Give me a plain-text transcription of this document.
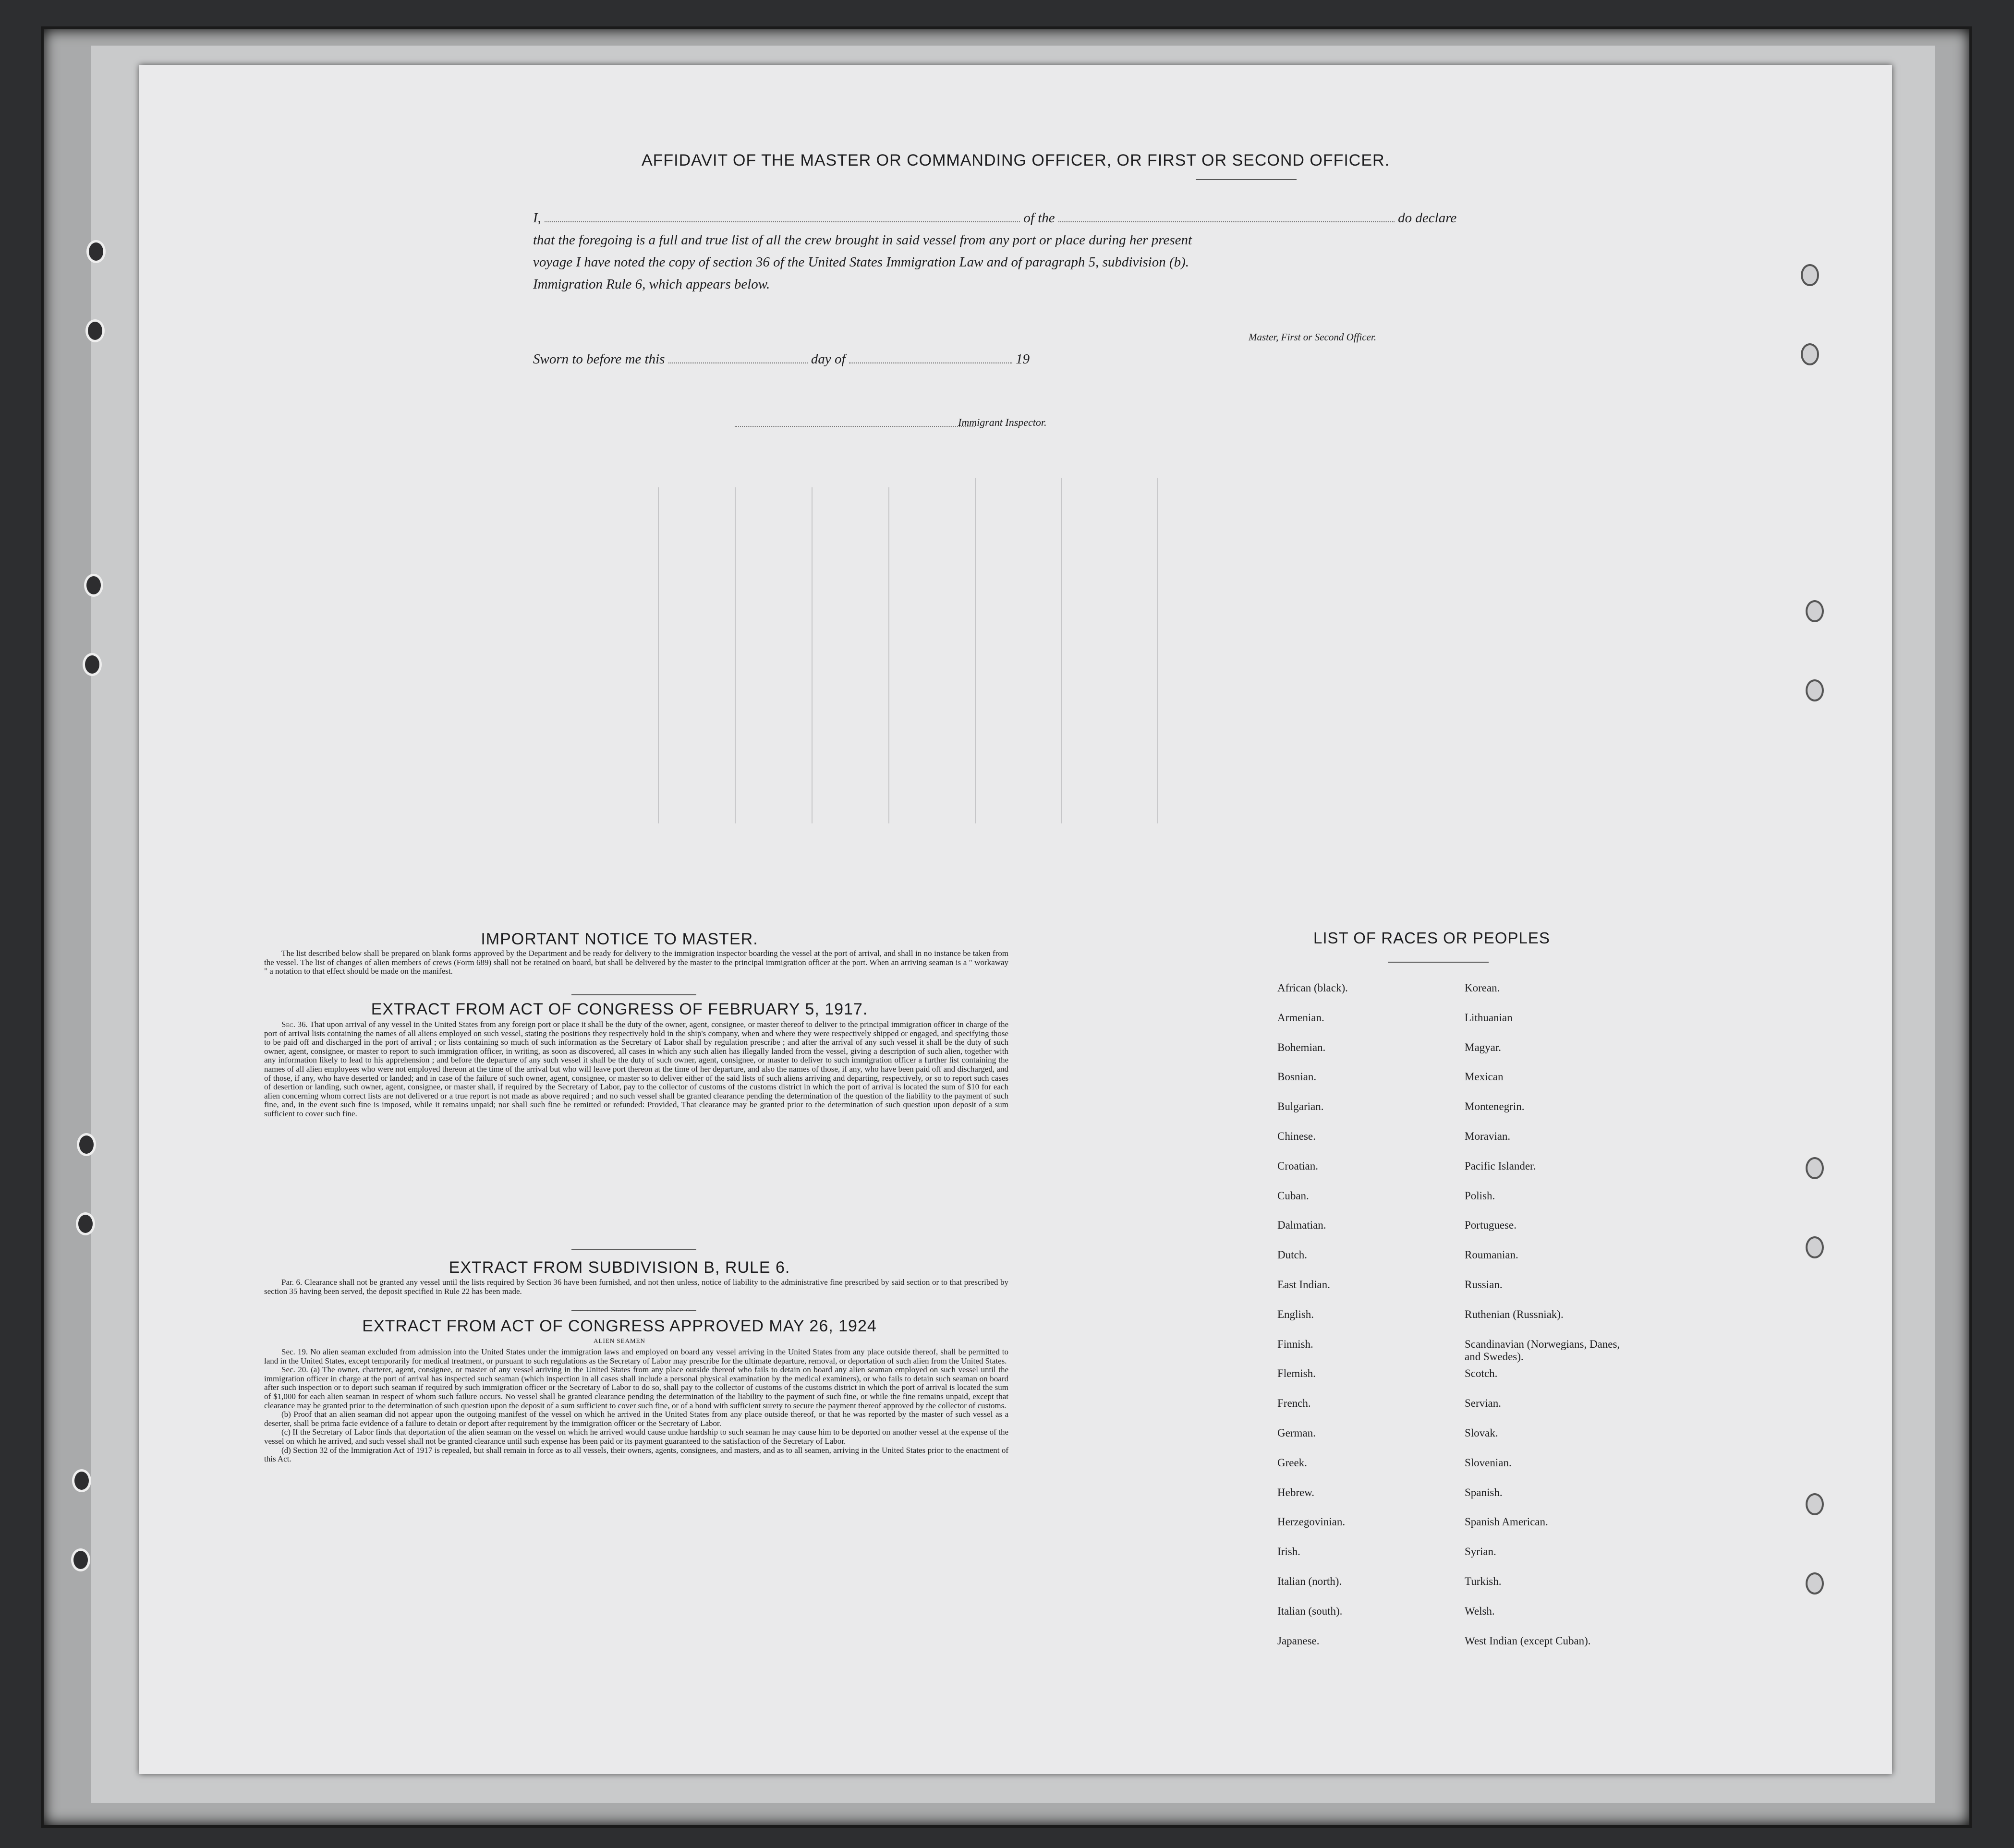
AFFIDAVIT OF THE MASTER OR COMMANDING OFFICER, OR FIRST OR SECOND OFFICER.
I,	of the	do declare
that the foregoing is a full and true list of all the crew brought in said vessel from any port or place during her present
voyage I have noted the copy of section 36 of the United States Immigration Law and of paragraph 5, subdivision (b).
Immigration Rule 6, which appears below.
Master, First or Second Officer.
Sworn to before me this	day of	19
Immigrant Inspector.
IMPORTANT NOTICE TO MASTER.

The list described below shall be prepared on blank forms approved by the Department and be ready for delivery to the immigration inspector boarding the vessel at the port of arrival, and shall in no instance be taken from the vessel. The list of changes of alien members of crews (Form 689) shall not be retained on board, but shall be delivered by the master to the principal immigration officer at the port. When an arriving seaman is a " workaway " a notation to that effect should be made on the manifest.

EXTRACT FROM ACT OF CONGRESS OF FEBRUARY 5, 1917.

Sec. 36. That upon arrival of any vessel in the United States from any foreign port or place it shall be the duty of the owner, agent, consignee, or master thereof to deliver to the principal immigration officer in charge of the port of arrival lists containing the names of all aliens employed on such vessel, stating the positions they respectively hold in the ship's company, when and where they were respectively shipped or engaged, and specifying those to be paid off and discharged in the port of arrival ; or lists containing so much of such information as the Secretary of Labor shall by regulation prescribe ; and after the arrival of any such vessel it shall be the duty of such owner, agent, consignee, or master to report to such immigration officer, in writing, as soon as discovered, all cases in which any such alien has illegally landed from the vessel, giving a description of such alien, together with any information likely to lead to his apprehension ; and before the departure of any such vessel it shall be the duty of such owner, agent, consignee, or master to deliver to such immigration officer a further list containing the names of all alien employees who were not employed thereon at the time of the arrival but who will leave port thereon at the time of her departure, and also the names of those, if any, who have been paid off and discharged, and of those, if any, who have deserted or landed; and in case of the failure of such owner, agent, consignee, or master so to deliver either of the said lists of such aliens arriving and departing, respectively, or so to report such cases of desertion or landing, such owner, agent, consignee, or master shall, if required by the Secretary of Labor, pay to the collector of customs of the customs district in which the port of arrival is located the sum of $10 for each alien concerning whom correct lists are not delivered or a true report is not made as above required ; and no such vessel shall be granted clearance pending the determination of the question of the liability to the payment of such fine, and, in the event such fine is imposed, while it remains unpaid; nor shall such fine be remitted or refunded: Provided, That clearance may be granted prior to the determination of such question upon deposit of a sum sufficient to cover such fine.

EXTRACT FROM SUBDIVISION B, RULE 6.

Par. 6. Clearance shall not be granted any vessel until the lists required by Section 36 have been furnished, and not then unless, notice of liability to the administrative fine prescribed by said section or to that prescribed by section 35 having been served, the deposit specified in Rule 22 has been made.

EXTRACT FROM ACT OF CONGRESS APPROVED MAY 26, 1924
ALIEN SEAMEN

Sec. 19. No alien seaman excluded from admission into the United States under the immigration laws and employed on board any vessel arriving in the United States from any place outside thereof, shall be permitted to land in the United States, except temporarily for medical treatment, or pursuant to such regulations as the Secretary of Labor may prescribe for the ultimate departure, removal, or deportation of such alien from the United States.

Sec. 20. (a) The owner, charterer, agent, consignee, or master of any vessel arriving in the United States from any place outside thereof who fails to detain on board any alien seaman employed on such vessel until the immigration officer in charge at the port of arrival has inspected such seaman (which inspection in all cases shall include a personal physical examination by the medical examiners), or who fails to detain such seaman on board after such inspection or to deport such seaman if required by such immigration officer or the Secretary of Labor to do so, shall pay to the collector of customs of the customs district in which the port of arrival is located the sum of $1,000 for each alien seaman in respect of whom such failure occurs. No vessel shall be granted clearance pending the determination of the liability to the payment of such fine, or while the fine remains unpaid, except that clearance may be granted prior to the determination of such question upon the deposit of a sum sufficient to cover such fine, or of a bond with sufficient surety to secure the payment thereof approved by the collector of customs.

(b) Proof that an alien seaman did not appear upon the outgoing manifest of the vessel on which he arrived in the United States from any place outside thereof, or that he was reported by the master of such vessel as a deserter, shall be prima facie evidence of a failure to detain or deport after requirement by the immigration officer or the Secretary of Labor.

(c) If the Secretary of Labor finds that deportation of the alien seaman on the vessel on which he arrived would cause undue hardship to such seaman he may cause him to be deported on another vessel at the expense of the vessel on which he arrived, and such vessel shall not be granted clearance until such expense has been paid or its payment guaranteed to the satisfaction of the Secretary of Labor.

(d) Section 32 of the Immigration Act of 1917 is repealed, but shall remain in force as to all vessels, their owners, agents, consignees, and masters, and as to all seamen, arriving in the United States prior to the enactment of this Act.

LIST OF RACES OR PEOPLES
African (black).
Armenian.
Bohemian.
Bosnian.
Bulgarian.
Chinese.
Croatian.
Cuban.
Dalmatian.
Dutch.
East Indian.
English.
Finnish.
Flemish.
French.
German.
Greek.
Hebrew.
Herzegovinian.
Irish.
Italian (north).
Italian (south).
Japanese.
Korean.
Lithuanian
Magyar.
Mexican
Montenegrin.
Moravian.
Pacific Islander.
Polish.
Portuguese.
Roumanian.
Russian.
Ruthenian (Russniak).
Scandinavian (Norwegians, Danes, and Swedes).
Scotch.
Servian.
Slovak.
Slovenian.
Spanish.
Spanish American.
Syrian.
Turkish.
Welsh.
West Indian (except Cuban).
